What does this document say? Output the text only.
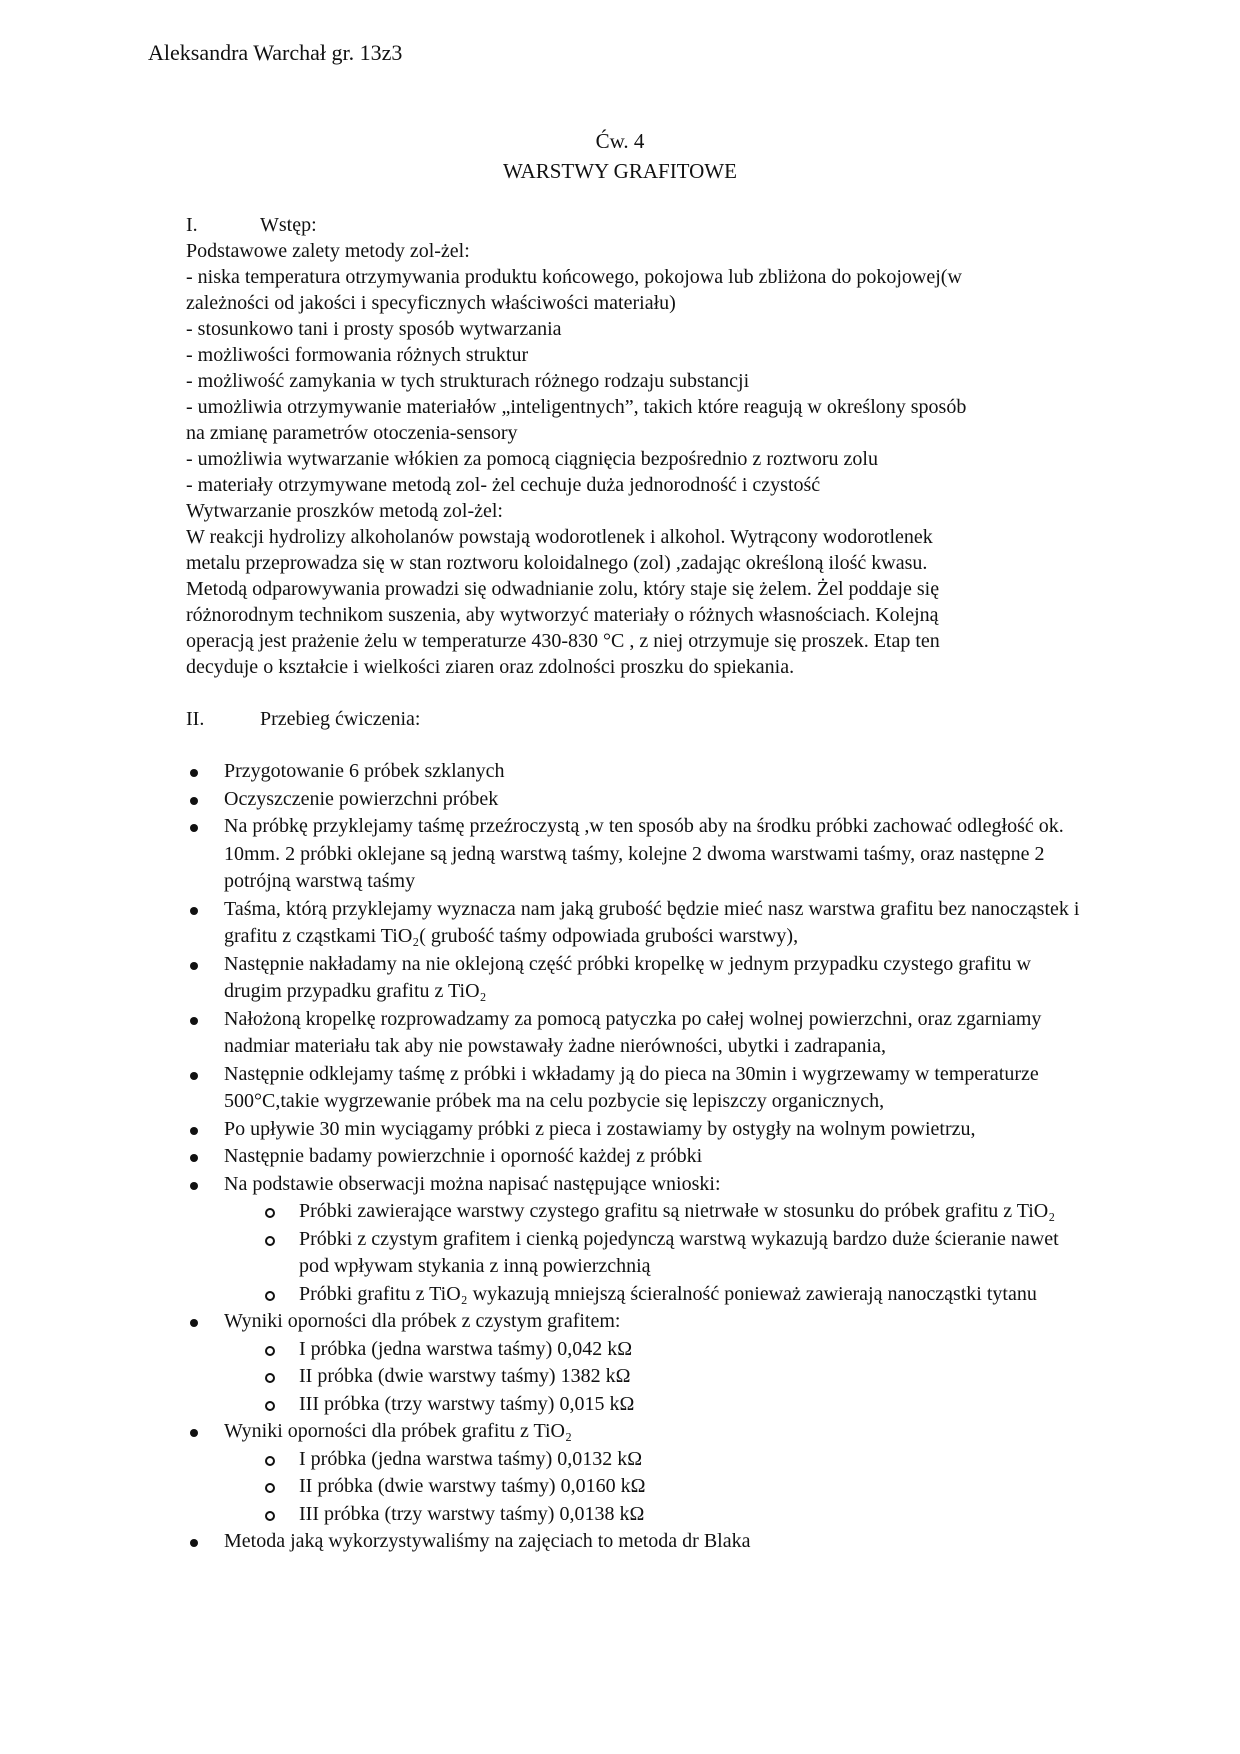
Aleksandra Warchał gr. 13z3
Ćw. 4
WARSTWY GRAFITOWE
I.	Wstęp:
Podstawowe zalety metody zol-żel:
- niska temperatura otrzymywania produktu końcowego, pokojowa lub zbliżona do pokojowej(w
zależności od jakości i specyficznych właściwości materiału)
- stosunkowo tani i prosty sposób wytwarzania
- możliwości formowania różnych struktur
- możliwość zamykania w tych strukturach różnego rodzaju substancji
- umożliwia otrzymywanie materiałów „inteligentnych”, takich które reagują w określony sposób
na zmianę parametrów otoczenia-sensory
- umożliwia wytwarzanie włókien za pomocą ciągnięcia bezpośrednio z roztworu zolu
- materiały otrzymywane metodą zol- żel cechuje duża jednorodność i czystość
Wytwarzanie proszków metodą zol-żel:
W reakcji hydrolizy alkoholanów powstają wodorotlenek i alkohol. Wytrącony wodorotlenek
metalu przeprowadza się w stan roztworu koloidalnego (zol) ,zadając określoną ilość kwasu.
Metodą odparowywania prowadzi się odwadnianie zolu, który staje się żelem. Żel poddaje się
różnorodnym technikom suszenia, aby wytworzyć materiały o różnych własnościach. Kolejną
operacją jest prażenie żelu w temperaturze 430-830 °C , z niej otrzymuje się proszek. Etap ten
decyduje o kształcie i wielkości ziaren oraz zdolności proszku do spiekania.
II.	Przebieg ćwiczenia:
Przygotowanie 6 próbek szklanych
Oczyszczenie powierzchni próbek
Na próbkę przyklejamy taśmę przeźroczystą ,w ten sposób aby na środku próbki zachować odległość ok. 10mm. 2 próbki oklejane są jedną warstwą taśmy, kolejne 2 dwoma warstwami taśmy, oraz następne 2 potrójną warstwą taśmy
Taśma, którą przyklejamy wyznacza nam jaką grubość będzie mieć nasz warstwa grafitu bez nanocząstek i grafitu z cząstkami TiO₂( grubość taśmy odpowiada grubości warstwy),
Następnie nakładamy na nie oklejoną część próbki kropelkę w jednym przypadku czystego grafitu w drugim przypadku grafitu z TiO₂
Nałożoną kropelkę rozprowadzamy za pomocą patyczka po całej wolnej powierzchni, oraz zgarniamy nadmiar materiału tak aby nie powstawały żadne nierówności, ubytki i zadrapania,
Następnie odklejamy taśmę z próbki i wkładamy ją do pieca na 30min i wygrzewamy w temperaturze 500°C,takie wygrzewanie próbek ma na celu pozbycie się lepiszczy organicznych,
Po upływie 30 min wyciągamy próbki z pieca i zostawiamy by ostygły na wolnym powietrzu,
Następnie badamy powierzchnie i oporność każdej z próbki
Na podstawie obserwacji można napisać następujące wnioski:
Próbki zawierające warstwy czystego grafitu są nietrwałe w stosunku do próbek grafitu z TiO₂
Próbki z czystym grafitem i cienką pojedynczą warstwą wykazują bardzo duże ścieranie nawet pod wpływam stykania z inną powierzchnią
Próbki grafitu z TiO₂ wykazują mniejszą ścieralność ponieważ zawierają nanocząstki tytanu
Wyniki oporności dla próbek z czystym grafitem:
I próbka (jedna warstwa taśmy) 0,042 kΩ
II próbka (dwie warstwy taśmy) 1382 kΩ
III próbka (trzy warstwy taśmy) 0,015 kΩ
Wyniki oporności dla próbek grafitu z TiO₂
I próbka (jedna warstwa taśmy) 0,0132 kΩ
II próbka (dwie warstwy taśmy) 0,0160 kΩ
III próbka (trzy warstwy taśmy) 0,0138 kΩ
Metoda jaką wykorzystywaliśmy na zajęciach to metoda dr Blaka
